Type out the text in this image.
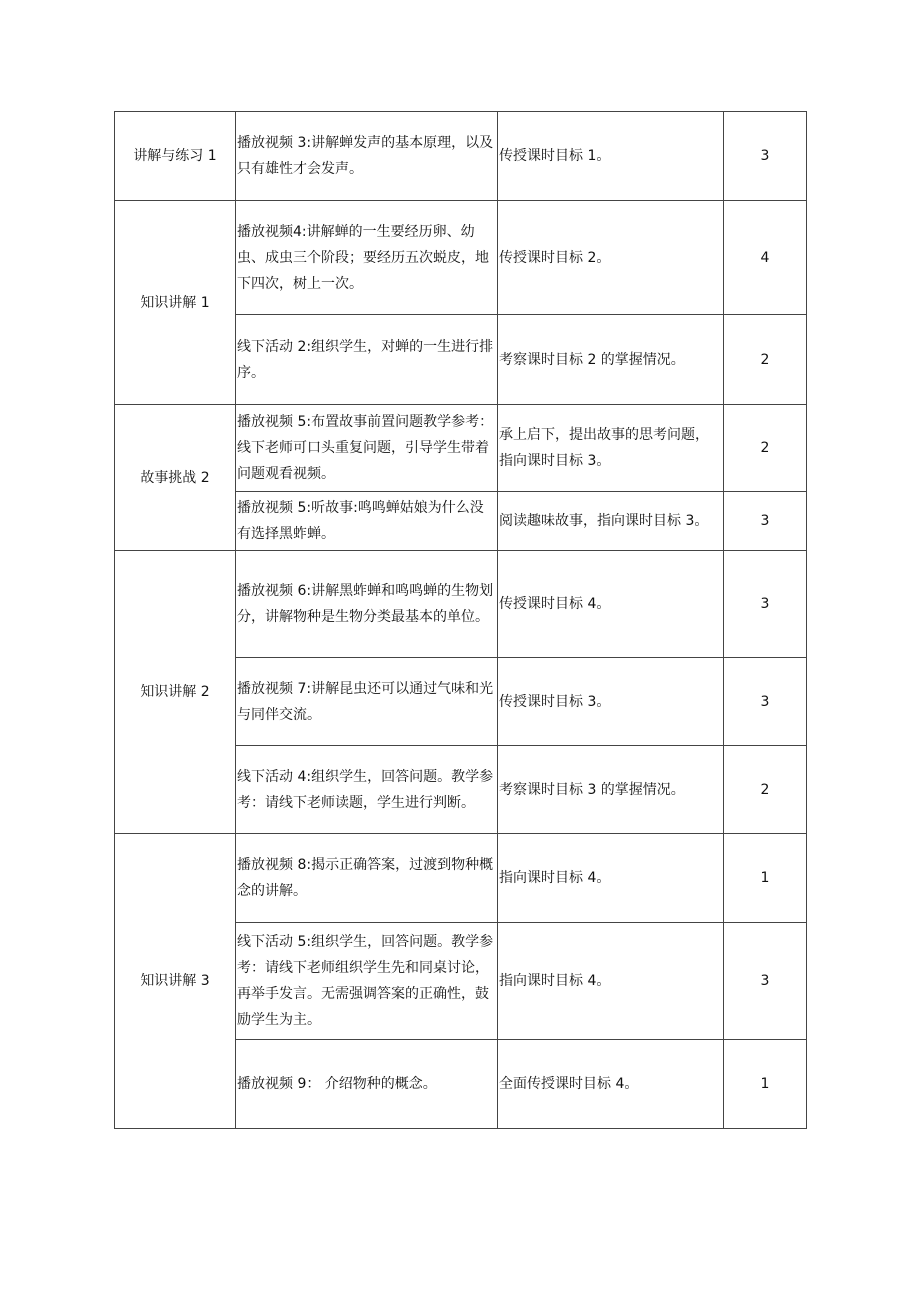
讲解与练习 1	播放视频 3:讲解蝉发声的基本原理，以及只有雄性才会发声。	传授课时目标 1。	3
知识讲解 1	播放视频4:讲解蝉的一生要经历卵、幼虫、成虫三个阶段；要经历五次蜕皮，地下四次，树上一次。	传授课时目标 2。	4
	线下活动 2:组织学生，对蝉的一生进行排序。	考察课时目标 2 的掌握情况。	2
故事挑战 2	播放视频 5:布置故事前置问题教学参考：线下老师可口头重复问题，引导学生带着问题观看视频。	承上启下，提出故事的思考问题，指向课时目标 3。	2
	播放视频 5:听故事:鸣鸣蝉姑娘为什么没有选择黑蚱蝉。	阅读趣味故事，指向课时目标 3。	3
知识讲解 2	播放视频 6:讲解黑蚱蝉和鸣鸣蝉的生物划分，讲解物种是生物分类最基本的单位。	传授课时目标 4。	3
	播放视频 7:讲解昆虫还可以通过气味和光与同伴交流。	传授课时目标 3。	3
	线下活动 4:组织学生，回答问题。教学参考：请线下老师读题，学生进行判断。	考察课时目标 3 的掌握情况。	2
知识讲解 3	播放视频 8:揭示正确答案，过渡到物种概念的讲解。	指向课时目标 4。	1
	线下活动 5:组织学生，回答问题。教学参考：请线下老师组织学生先和同桌讨论，再举手发言。无需强调答案的正确性，鼓励学生为主。	指向课时目标 4。	3
	播放视频 9： 介绍物种的概念。	全面传授课时目标 4。	1
